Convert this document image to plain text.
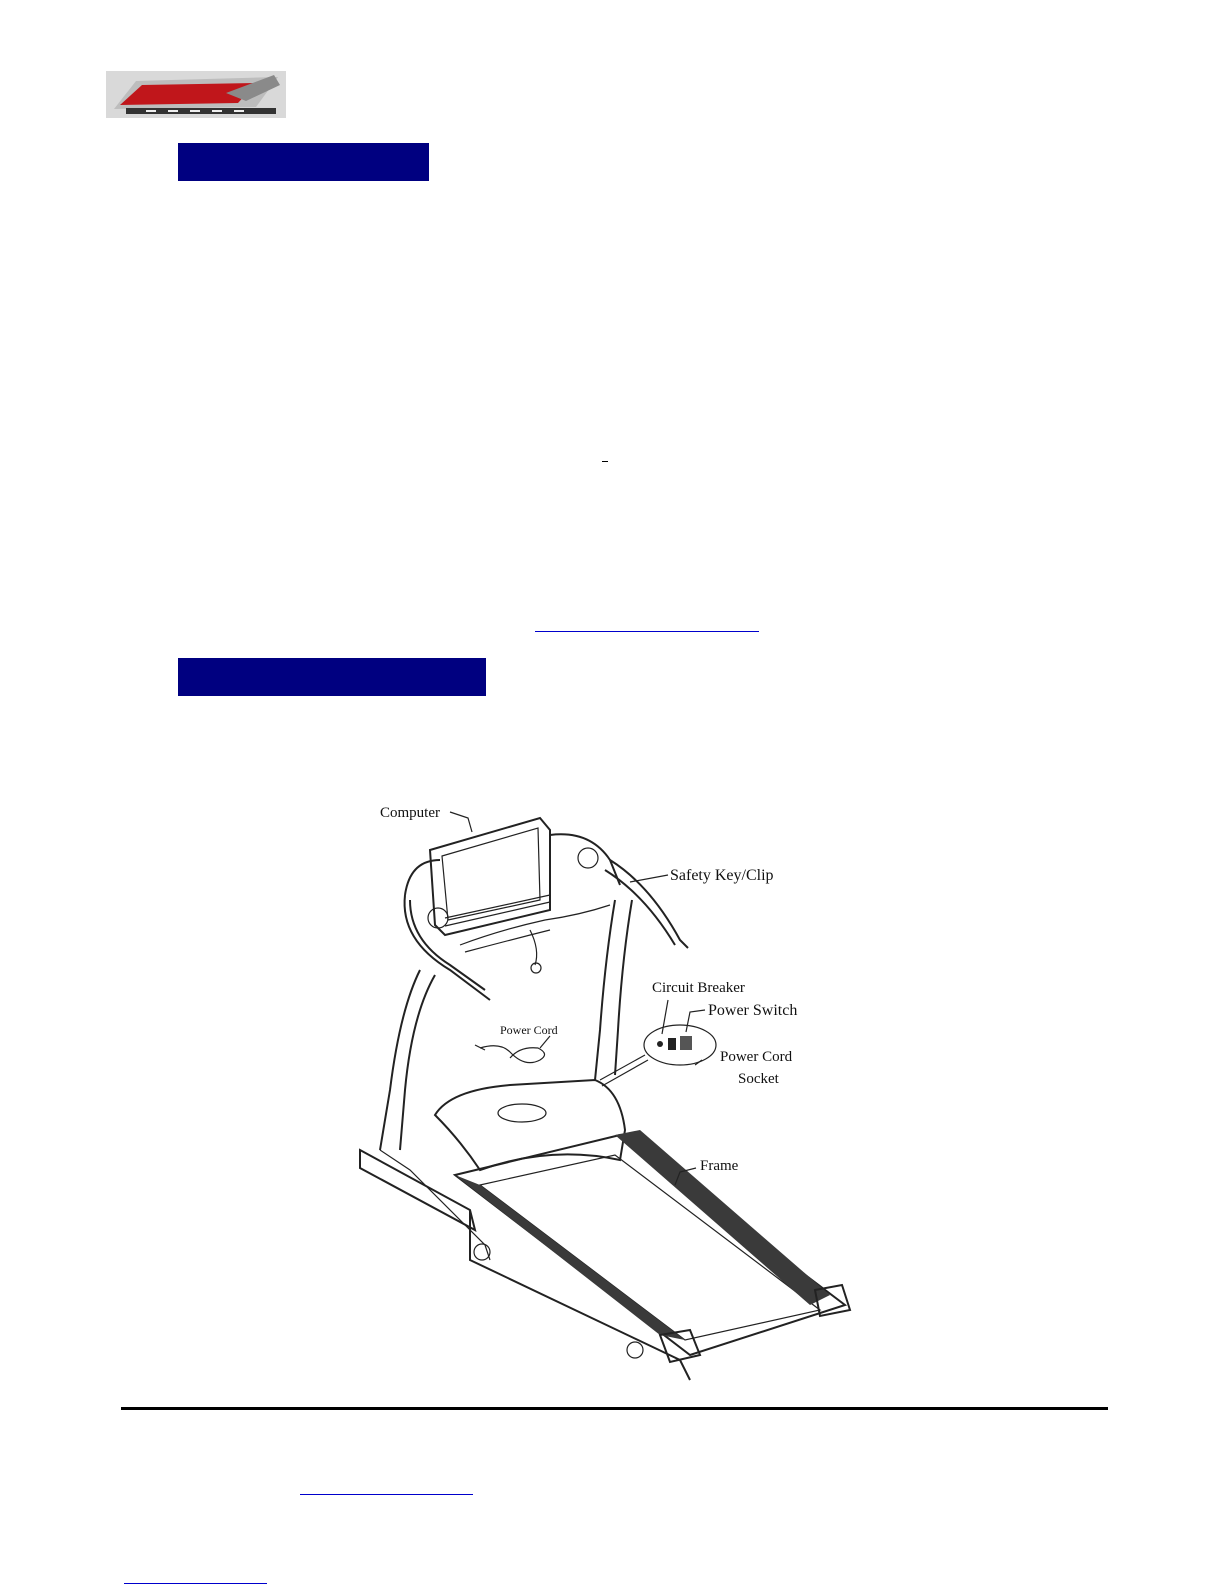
Computer
Safety Key/Clip
Circuit Breaker
Power Switch
Power Cord
Socket
Power Cord
Frame
